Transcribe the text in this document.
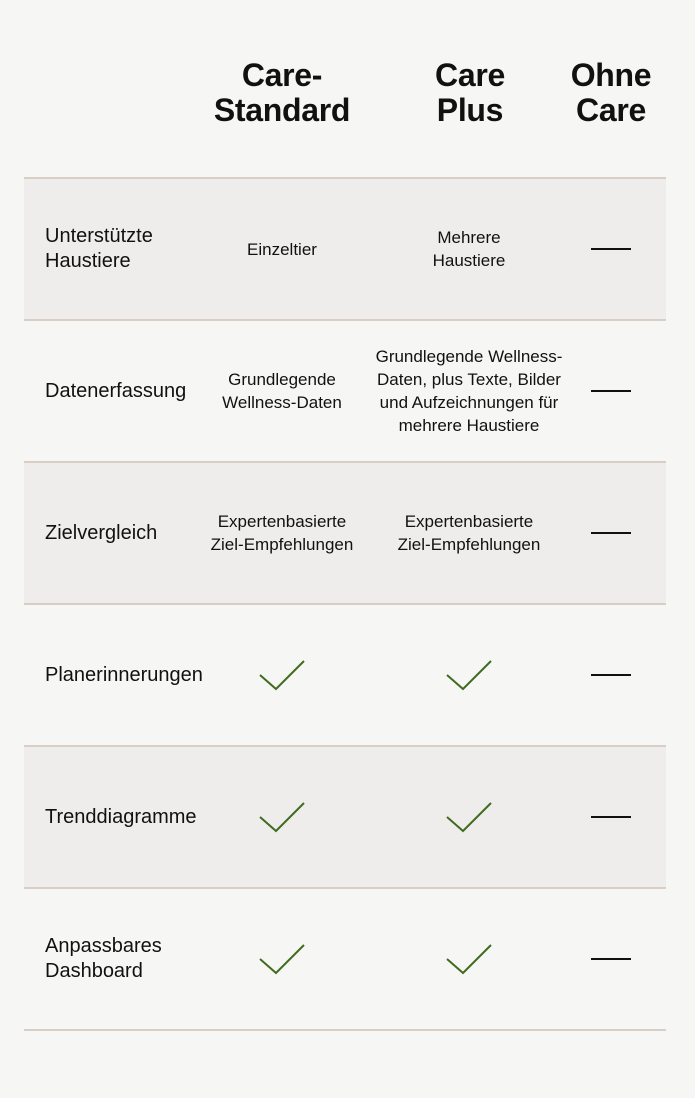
Care-
Standard
Care
Plus
Ohne
Care
Unterstützte
Haustiere
Einzeltier
Mehrere
Haustiere
Datenerfassung	Grundlegende
Wellness-Daten
Grundlegende Wellness-
Daten, plus Texte, Bilder
und Aufzeichnungen für
mehrere Haustiere
Zielvergleich	Expertenbasierte
Ziel-Empfehlungen
Expertenbasierte
Ziel-Empfehlungen
Planerinnerungen
Trenddiagramme
Anpassbares
Dashboard
